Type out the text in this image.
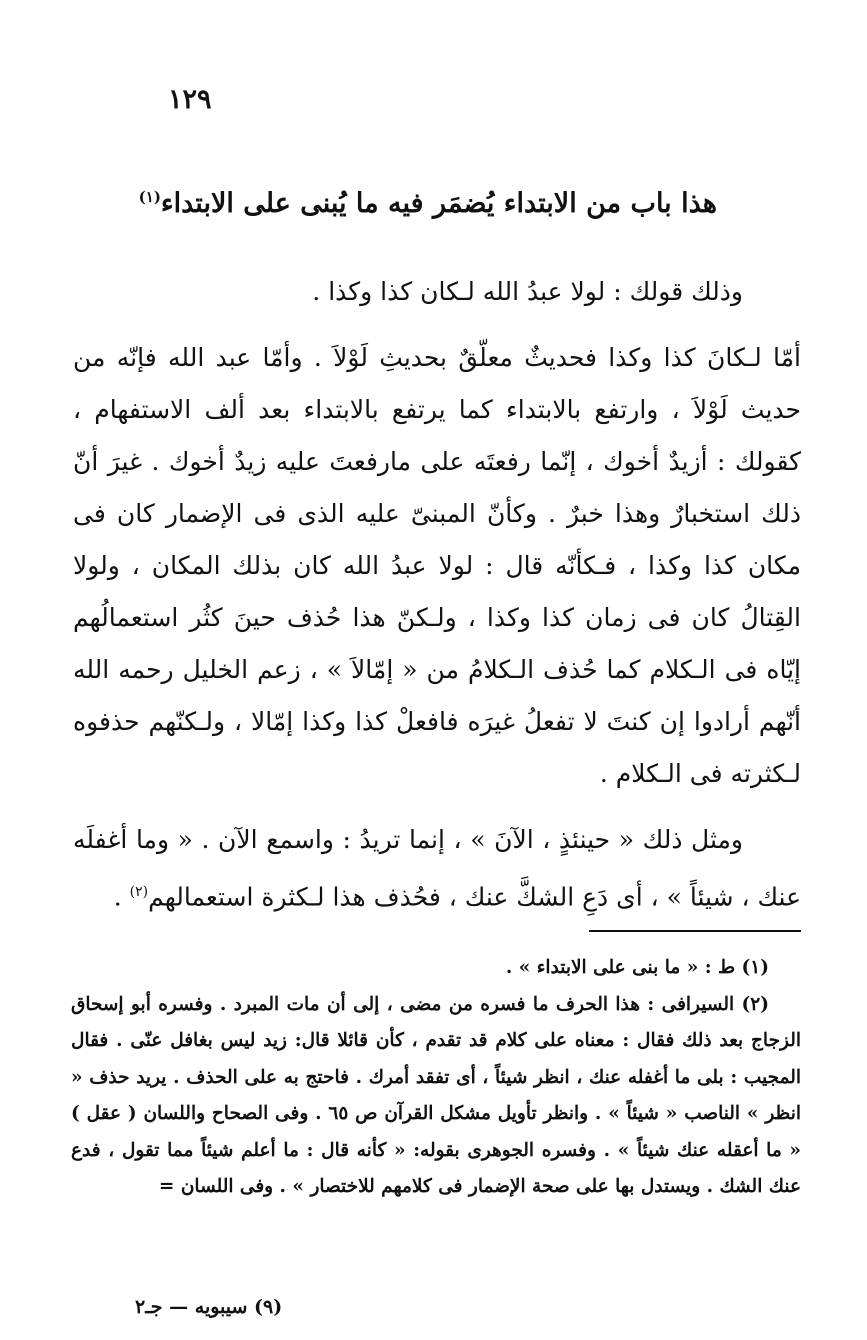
١٢٩
هذا باب من الابتداء يُضمَر فيه ما يُبنى على الابتداء$^{(١)}$

وذلك قولك : لولا عبدُ الله لـكان كذا وكذا .

أمّا لـكانَ كذا وكذا فحديثٌ معلّقٌ بحديثِ لَوْلاَ . وأمّا عبد الله فإنّه من حديث لَوْلاَ ، وارتفع بالابتداء كما يرتفع بالابتداء بعد ألف الاستفهام ، كقولك : أزيدٌ أخوك ، إنّما رفعتَه على مارفعتَ عليه زيدٌ أخوك . غيرَ أنّ ذلك استخبارٌ وهذا خبرٌ . وكأنّ المبنىّ عليه الذى فى الإضمار كان فى مكان كذا وكذا ، فـكأنّه قال : لولا عبدُ الله كان بذلك المكان ، ولولا القِتالُ كان فى زمان كذا وكذا ، ولـكنّ هذا حُذف حينَ كثُر استعمالُهم إيّاه فى الـكلام كما حُذف الـكلامُ من « إمّالاَ » ، زعم الخليل رحمه الله أنّهم أرادوا إن كنتَ لا تفعلُ غيرَه فافعلْ كذا وكذا إمّالا ، ولـكنّهم حذفوه لـكثرته فى الـكلام .

ومثل ذلك « حينئذٍ ، الآنَ » ، إنما تريدُ : واسمع الآن . « وما أغفلَه عنك ، شيئاً » ، أى دَعِ الشكَّ عنك ، فحُذف هذا لـكثرة استعمالهم$^{(٢)}$ .

(١) ط : « ما بنى على الابتداء » .

(٢) السيرافى : هذا الحرف ما فسره من مضى ، إلى أن مات المبرد . وفسره أبو إسحاق الزجاج بعد ذلك فقال : معناه على كلام قد تقدم ، كأن قائلا قال: زيد ليس بغافل عنّى . فقال المجيب : بلى ما أغفله عنك ، انظر شيئاً ، أى تفقد أمرك . فاحتج به على الحذف . يريد حذف « انظر » الناصب « شيئاً » . وانظر تأويل مشكل القرآن ص ٦٥ . وفى الصحاح واللسان ( عقل ) « ما أعقله عنك شيئاً » . وفسره الجوهرى بقوله: « كأنه قال : ما أعلم شيئاً مما تقول ، فدع عنك الشك . ويستدل بها على صحة الإضمار فى كلامهم للاختصار » . وفى اللسان =

(٩) سيبويه — جـ٢
